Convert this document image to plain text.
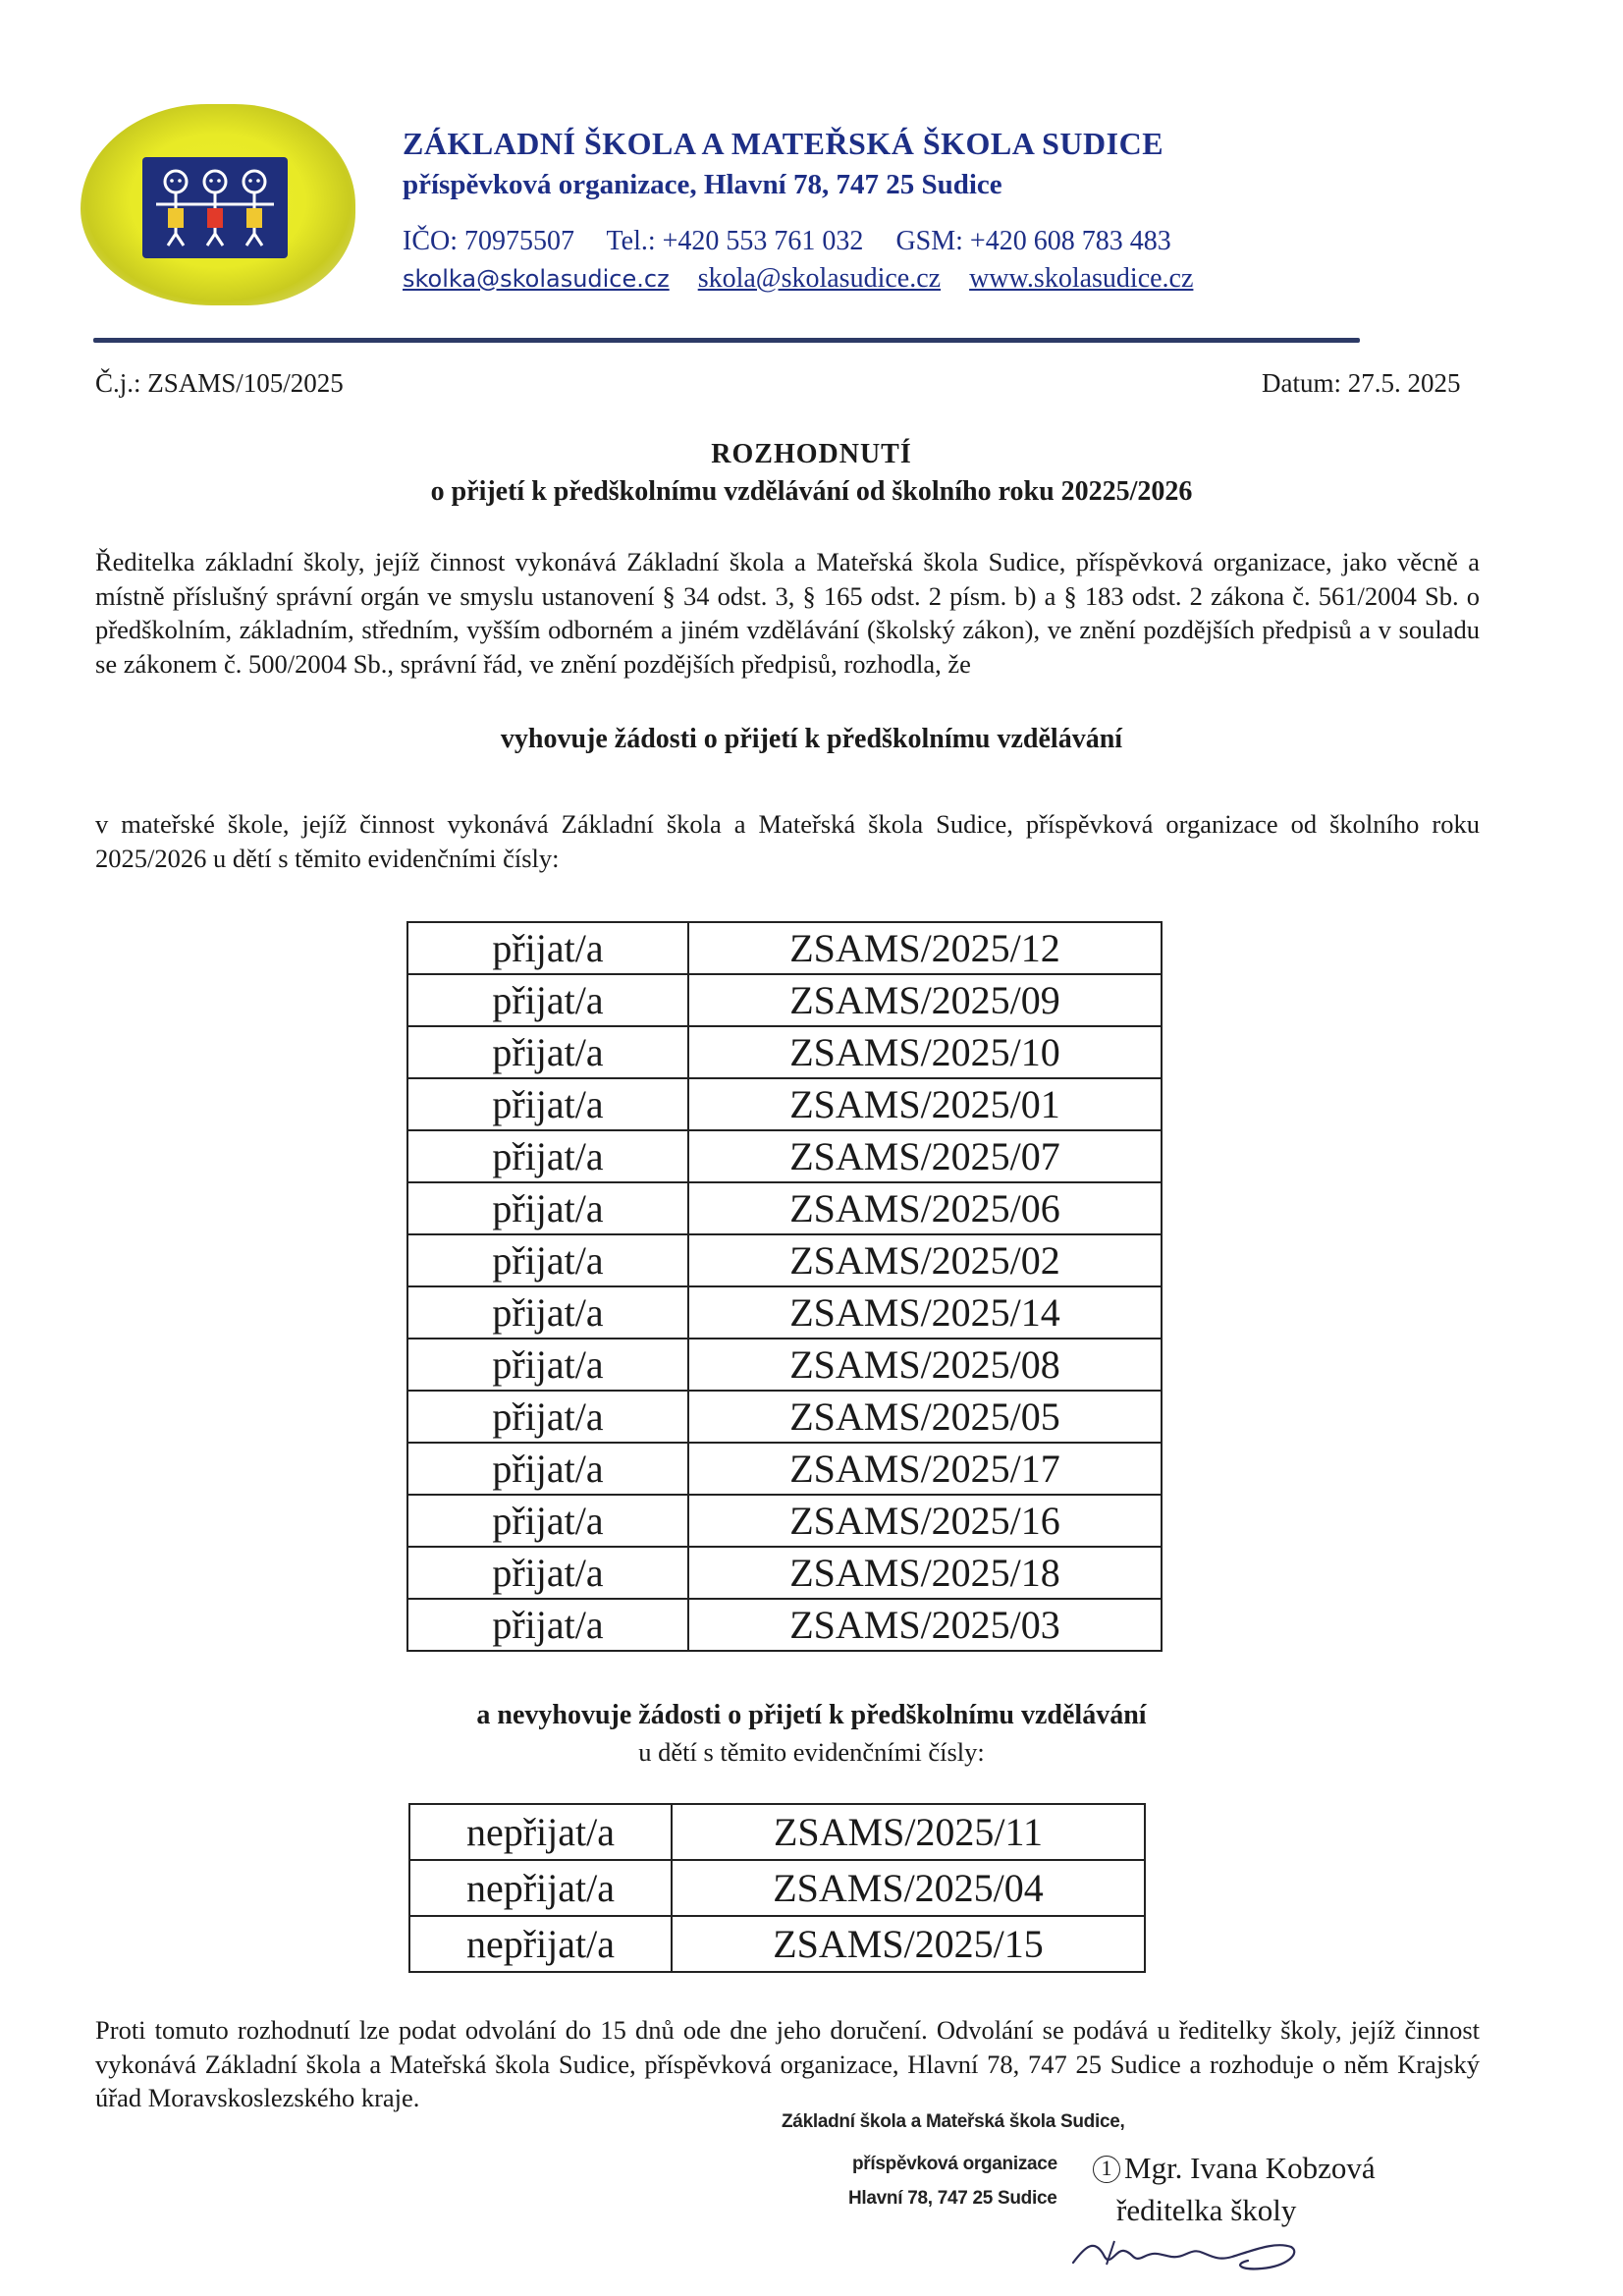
ZÁKLADNÍ ŠKOLA A MATEŘSKÁ ŠKOLA SUDICE
příspěvková organizace, Hlavní 78, 747 25 Sudice
IČO: 70975507 Tel.: +420 553 761 032 GSM: +420 608 783 483
skolka@skolasudice.cz skola@skolasudice.cz www.skolasudice.cz
Č.j.: ZSAMS/105/2025	Datum: 27.5. 2025
ROZHODNUTÍ
o přijetí k předškolnímu vzdělávání od školního roku 20225/2026

Ředitelka základní školy, jejíž činnost vykonává Základní škola a Mateřská škola Sudice, příspěvková organizace, jako věcně a místně příslušný správní orgán ve smyslu ustanovení § 34 odst. 3, § 165 odst. 2 písm. b) a § 183 odst. 2 zákona č. 561/2004 Sb. o předškolním, základním, středním, vyšším odborném a jiném vzdělávání (školský zákon), ve znění pozdějších předpisů a v souladu se zákonem č. 500/2004 Sb., správní řád, ve znění pozdějších předpisů, rozhodla, že

vyhovuje žádosti o přijetí k předškolnímu vzdělávání

v mateřské škole, jejíž činnost vykonává Základní škola a Mateřská škola Sudice, příspěvková organizace od školního roku 2025/2026 u dětí s těmito evidenčními čísly:

přijat/a	ZSAMS/2025/12
přijat/a	ZSAMS/2025/09
přijat/a	ZSAMS/2025/10
přijat/a	ZSAMS/2025/01
přijat/a	ZSAMS/2025/07
přijat/a	ZSAMS/2025/06
přijat/a	ZSAMS/2025/02
přijat/a	ZSAMS/2025/14
přijat/a	ZSAMS/2025/08
přijat/a	ZSAMS/2025/05
přijat/a	ZSAMS/2025/17
přijat/a	ZSAMS/2025/16
přijat/a	ZSAMS/2025/18
přijat/a	ZSAMS/2025/03
a nevyhovuje žádosti o přijetí k předškolnímu vzdělávání
u dětí s těmito evidenčními čísly:
nepřijat/a	ZSAMS/2025/11
nepřijat/a	ZSAMS/2025/04
nepřijat/a	ZSAMS/2025/15

Proti tomuto rozhodnutí lze podat odvolání do 15 dnů ode dne jeho doručení. Odvolání se podává u ředitelky školy, jejíž činnost vykonává Základní škola a Mateřská škola Sudice, příspěvková organizace, Hlavní 78, 747 25 Sudice a rozhoduje o něm Krajský úřad Moravskoslezského kraje.

Základní škola a Mateřská škola Sudice,
příspěvková organizace
Hlavní 78, 747 25 Sudice
1 Mgr. Ivana Kobzová
ředitelka školy
